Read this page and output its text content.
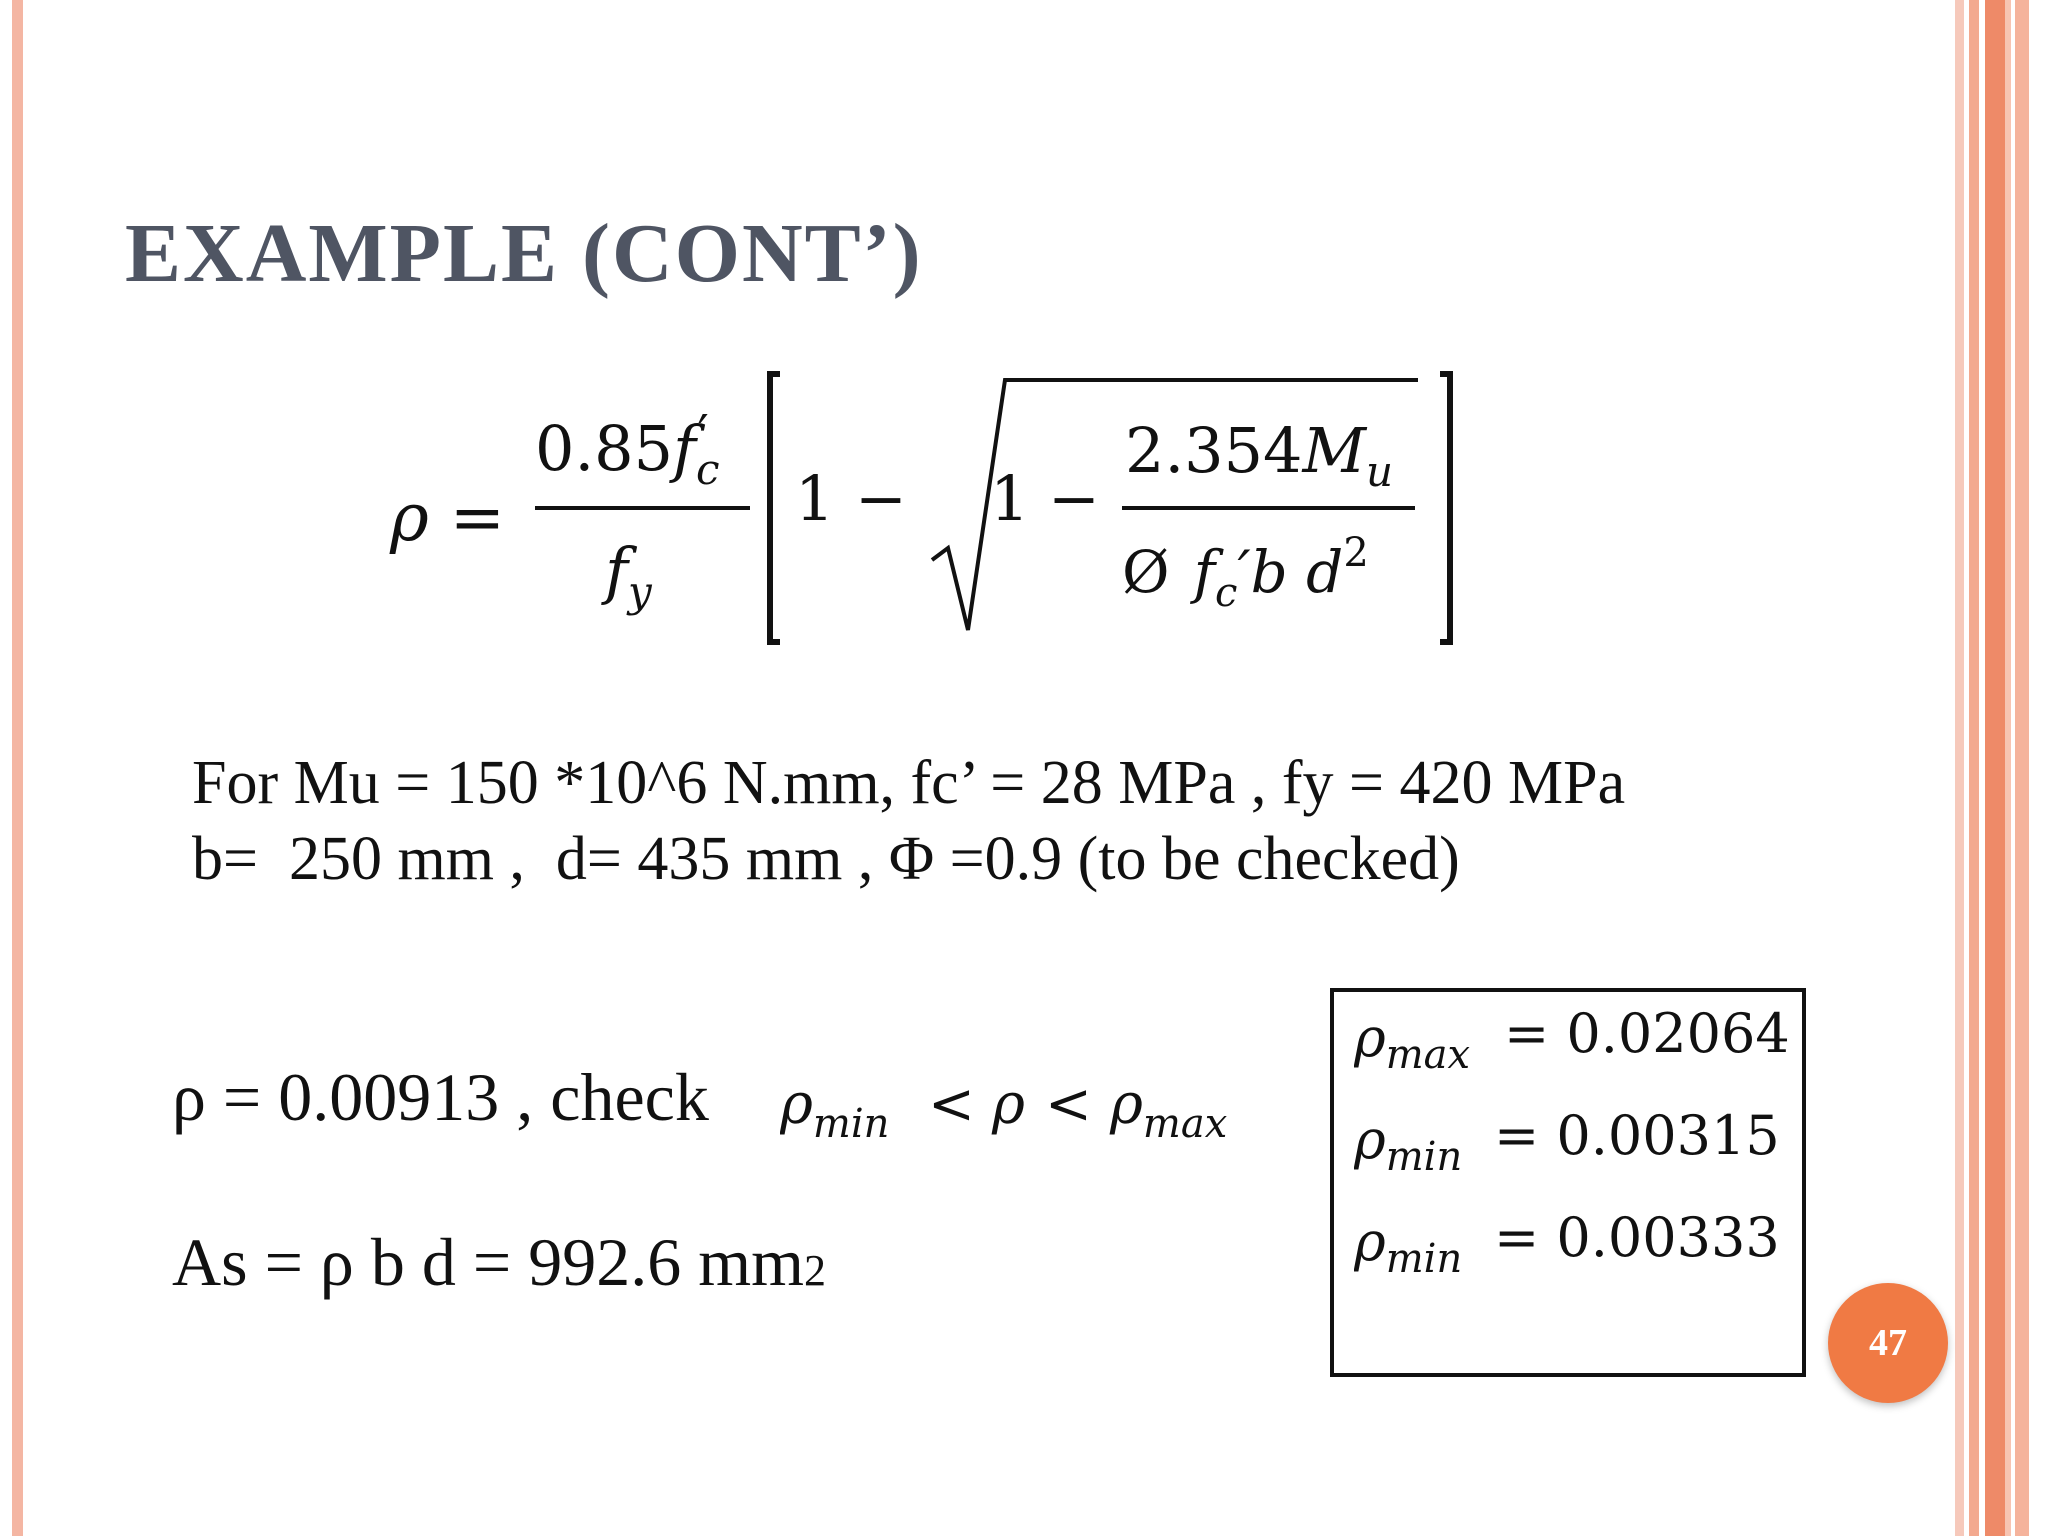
EXAMPLE (CONT’)
ρ =
$0.85f_c'$
$f_y$
1 − 1 −
$2.354M_u$
Ø $f_c'b$ $d^2$
For Mu = 150 *10^6 N.mm, fc’ = 28 MPa , fy = 420 MPa
b=  250 mm ,  d= 435 mm , Φ =0.9 (to be checked)
ρ = 0.00913 , check $\rho_{min} < \rho < \rho_{max}$
As = ρ b d = 992.6 mm2
$\rho_{max} = 0.02064$
$\rho_{min} = 0.00315$
$\rho_{min} = 0.00333$
47
